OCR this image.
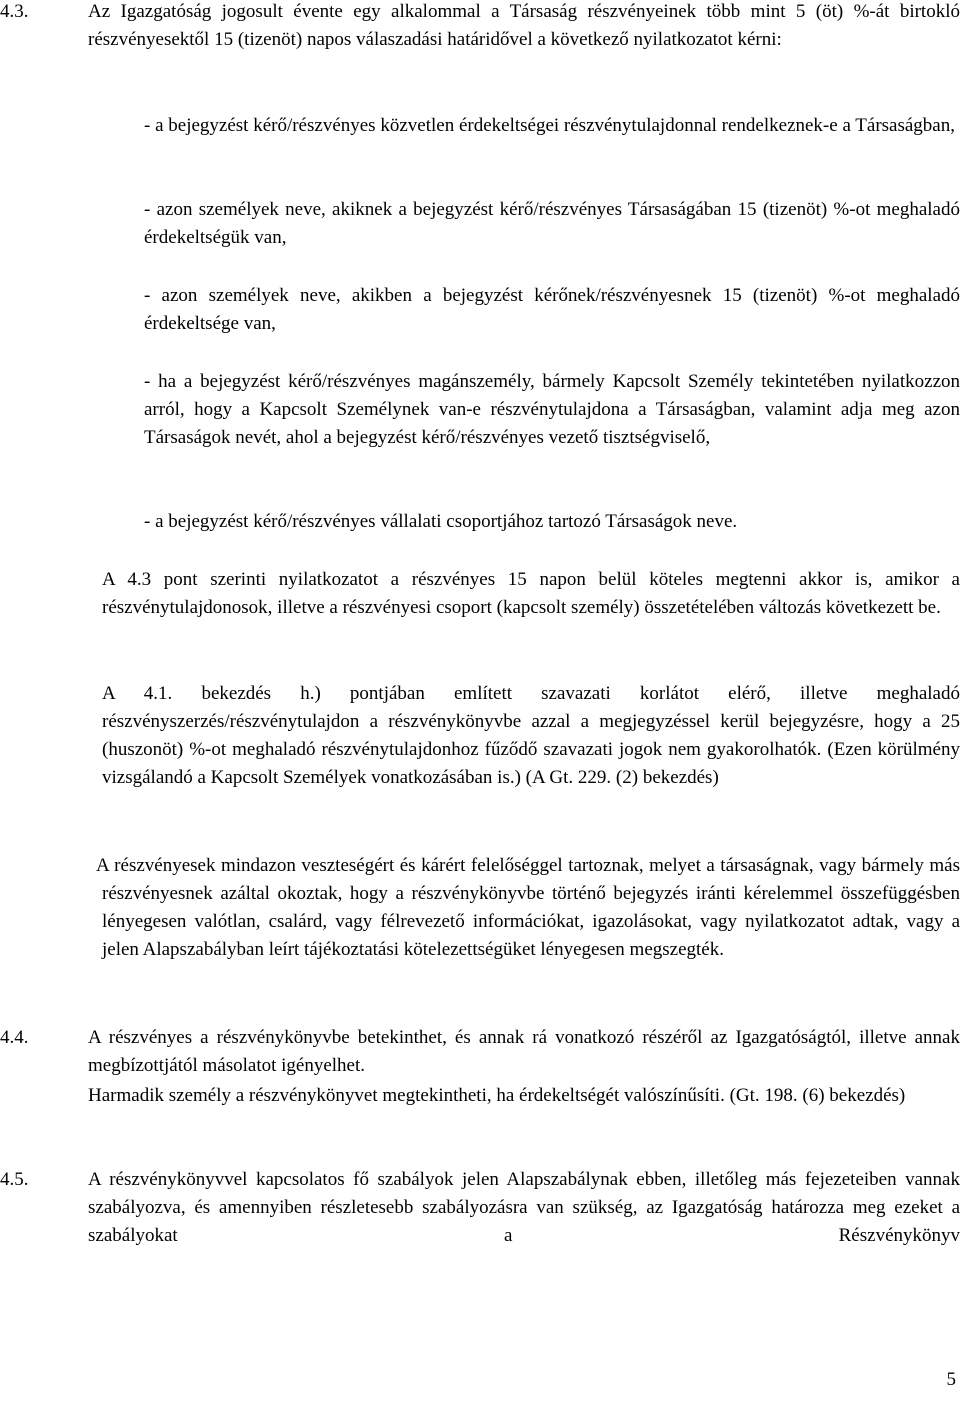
4.3.	Az Igazgatóság jogosult évente egy alkalommal a Társaság részvényeinek több mint 5 (öt) %-át birtokló részvényesektől 15 (tizenöt) napos válaszadási határidővel a következő nyilatkozatot kérni:
- a bejegyzést kérő/részvényes közvetlen érdekeltségei részvénytulajdonnal rendelkeznek-e a Társaságban,
- azon személyek neve, akiknek a bejegyzést kérő/részvényes Társaságában 15 (tizenöt) %-ot meghaladó érdekeltségük van,
- azon személyek neve, akikben a bejegyzést kérőnek/részvényesnek 15 (tizenöt) %-ot meghaladó érdekeltsége van,
- ha a bejegyzést kérő/részvényes magánszemély, bármely Kapcsolt Személy tekintetében nyilatkozzon arról, hogy a Kapcsolt Személynek van-e részvénytulajdona a Társaságban, valamint adja meg azon Társaságok nevét, ahol a bejegyzést kérő/részvényes vezető tisztségviselő,
- a bejegyzést kérő/részvényes vállalati csoportjához tartozó Társaságok neve.
A 4.3 pont szerinti nyilatkozatot a részvényes 15 napon belül köteles megtenni akkor is, amikor a részvénytulajdonosok, illetve a részvényesi csoport (kapcsolt személy) összetételében változás következett be.
A 4.1. bekezdés h.) pontjában említett szavazati korlátot elérő, illetve meghaladó részvényszerzés/részvénytulajdon a részvénykönyvbe azzal a megjegyzéssel kerül bejegyzésre, hogy a 25 (huszonöt) %-ot meghaladó részvénytulajdonhoz fűződő szavazati jogok nem gyakorolhatók. (Ezen körülmény vizsgálandó a Kapcsolt Személyek vonatkozásában is.) (A Gt. 229. (2) bekezdés)
A részvényesek mindazon veszteségért és kárért felelőséggel tartoznak, melyet a társaságnak, vagy bármely más részvényesnek azáltal okoztak, hogy a részvénykönyvbe történő bejegyzés iránti kérelemmel összefüggésben lényegesen valótlan, csalárd, vagy félrevezető információkat, igazolásokat, vagy nyilatkozatot adtak, vagy a jelen Alapszabályban leírt tájékoztatási kötelezettségüket lényegesen megszegték.
4.4.	A részvényes a részvénykönyvbe betekinthet, és annak rá vonatkozó részéről az Igazgatóságtól, illetve annak megbízottjától másolatot igényelhet.
Harmadik személy a részvénykönyvet megtekintheti, ha érdekeltségét valószínűsíti. (Gt. 198. (6) bekezdés)
4.5.	A részvénykönyvvel kapcsolatos fő szabályok jelen Alapszabálynak ebben, illetőleg más fejezeteiben vannak szabályozva, és amennyiben részletesebb szabályozásra van szükség, az Igazgatóság határozza meg ezeket a szabályokat a Részvénykönyv
5
